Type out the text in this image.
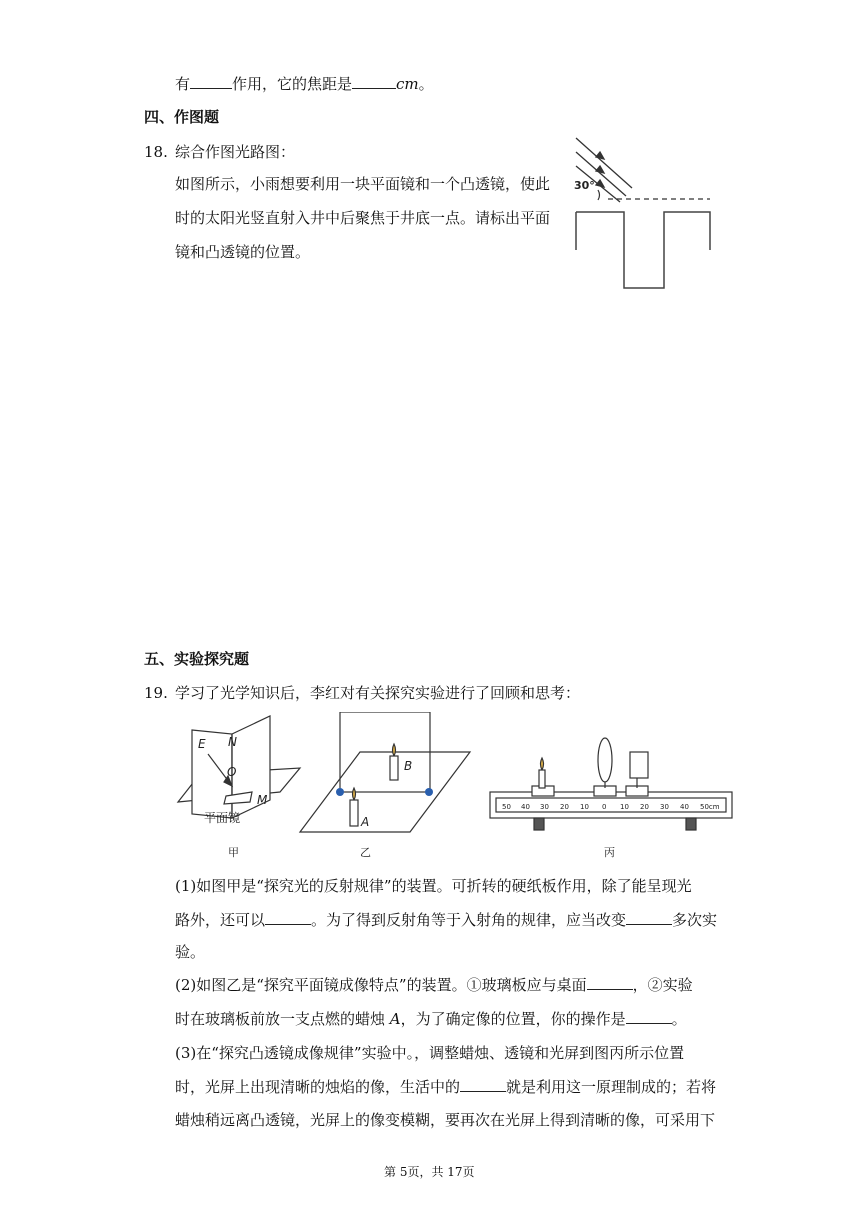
有	作用，它的焦距是	cm。
四、作图题
18. 综合作图光路图：
如图所示，小雨想要利用一块平面镜和一个凸透镜，使此
时的太阳光竖直射入井中后聚焦于井底一点。请标出平面
镜和凸透镜的位置。
30°
五、实验探究题
19. 学习了光学知识后，李红对有关探究实验进行了回顾和思考：
E N
O
M
平面镜
甲
A
B
乙
50 40 30 20 10 0 10 20 30 40 50cm
丙
(1)如图甲是“探究光的反射规律”的装置。可折转的硬纸板作用，除了能呈现光
路外，还可以	。为了得到反射角等于入射角的规律，应当改变	多次实
验。
(2)如图乙是“探究平面镜成像特点”的装置。①玻璃板应与桌面	，②实验
时在玻璃板前放一支点燃的蜡烛 A，为了确定像的位置，你的操作是	。
(3)在“探究凸透镜成像规律”实验中。，调整蜡烛、透镜和光屏到图丙所示位置
时，光屏上出现清晰的烛焰的像，生活中的	就是利用这一原理制成的；若将
蜡烛稍远离凸透镜，光屏上的像变模糊，要再次在光屏上得到清晰的像，可采用下
第 5页，共 17页
